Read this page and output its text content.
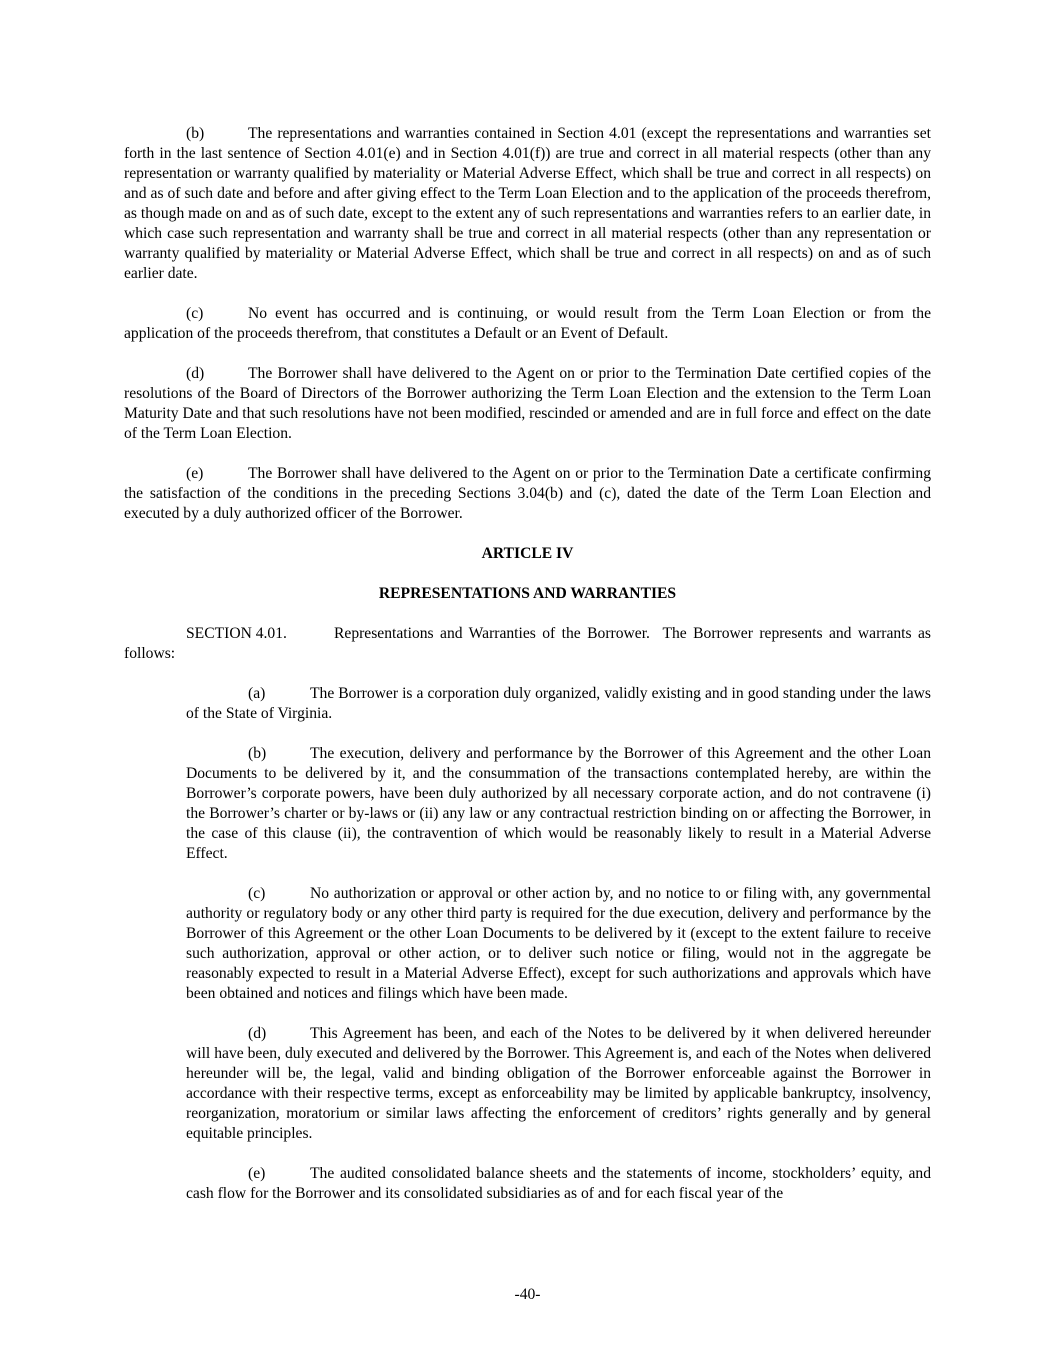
(b)	The representations and warranties contained in Section 4.01 (except the representations and warranties set forth in the last sentence of Section 4.01(e) and in Section 4.01(f)) are true and correct in all material respects (other than any representation or warranty qualified by materiality or Material Adverse Effect, which shall be true and correct in all respects) on and as of such date and before and after giving effect to the Term Loan Election and to the application of the proceeds therefrom, as though made on and as of such date, except to the extent any of such representations and warranties refers to an earlier date, in which case such representation and warranty shall be true and correct in all material respects (other than any representation or warranty qualified by materiality or Material Adverse Effect, which shall be true and correct in all respects) on and as of such earlier date.

(c)	No event has occurred and is continuing, or would result from the Term Loan Election or from the application of the proceeds therefrom, that constitutes a Default or an Event of Default.

(d)	The Borrower shall have delivered to the Agent on or prior to the Termination Date certified copies of the resolutions of the Board of Directors of the Borrower authorizing the Term Loan Election and the extension to the Term Loan Maturity Date and that such resolutions have not been modified, rescinded or amended and are in full force and effect on the date of the Term Loan Election.

(e)	The Borrower shall have delivered to the Agent on or prior to the Termination Date a certificate confirming the satisfaction of the conditions in the preceding Sections 3.04(b) and (c), dated the date of the Term Loan Election and executed by a duly authorized officer of the Borrower.

ARTICLE IV

REPRESENTATIONS AND WARRANTIES

SECTION 4.01.	Representations and Warranties of the Borrower. The Borrower represents and warrants as follows:

(a)	The Borrower is a corporation duly organized, validly existing and in good standing under the laws of the State of Virginia.

(b)	The execution, delivery and performance by the Borrower of this Agreement and the other Loan Documents to be delivered by it, and the consummation of the transactions contemplated hereby, are within the Borrower’s corporate powers, have been duly authorized by all necessary corporate action, and do not contravene (i) the Borrower’s charter or by-laws or (ii) any law or any contractual restriction binding on or affecting the Borrower, in the case of this clause (ii), the contravention of which would be reasonably likely to result in a Material Adverse Effect.

(c)	No authorization or approval or other action by, and no notice to or filing with, any governmental authority or regulatory body or any other third party is required for the due execution, delivery and performance by the Borrower of this Agreement or the other Loan Documents to be delivered by it (except to the extent failure to receive such authorization, approval or other action, or to deliver such notice or filing, would not in the aggregate be reasonably expected to result in a Material Adverse Effect), except for such authorizations and approvals which have been obtained and notices and filings which have been made.

(d)	This Agreement has been, and each of the Notes to be delivered by it when delivered hereunder will have been, duly executed and delivered by the Borrower. This Agreement is, and each of the Notes when delivered hereunder will be, the legal, valid and binding obligation of the Borrower enforceable against the Borrower in accordance with their respective terms, except as enforceability may be limited by applicable bankruptcy, insolvency, reorganization, moratorium or similar laws affecting the enforcement of creditors’ rights generally and by general equitable principles.

(e)	The audited consolidated balance sheets and the statements of income, stockholders’ equity, and cash flow for the Borrower and its consolidated subsidiaries as of and for each fiscal year of the

-40-
